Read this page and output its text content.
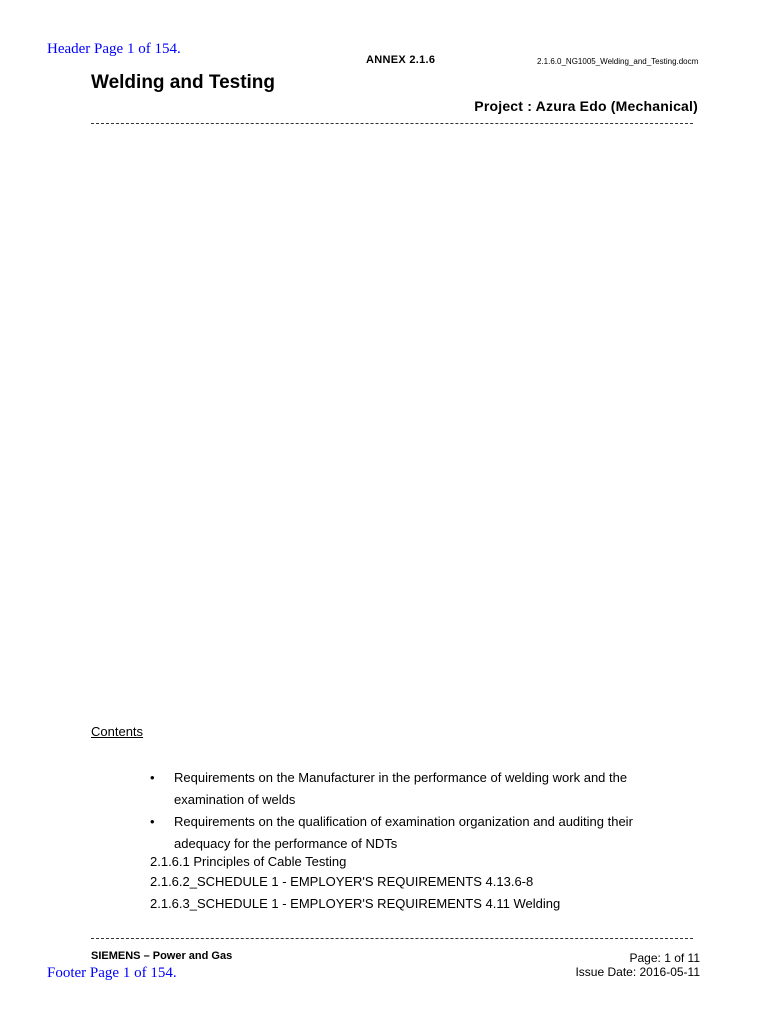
Header Page 1 of 154.
ANNEX 2.1.6	2.1.6.0_NG1005_Welding_and_Testing.docm
Welding and Testing
Project : Azura Edo (Mechanical)
Contents
• Requirements on the Manufacturer in the performance of welding work and the examination of welds
• Requirements on the qualification of examination organization and auditing their adequacy for the performance of NDTs
2.1.6.1 Principles of Cable Testing
2.1.6.2_SCHEDULE 1 - EMPLOYER'S REQUIREMENTS 4.13.6-8
2.1.6.3_SCHEDULE 1 - EMPLOYER'S REQUIREMENTS 4.11 Welding
SIEMENS – Power and Gas
Footer Page 1 of 154.
Page: 1 of 11
Issue Date: 2016-05-11
